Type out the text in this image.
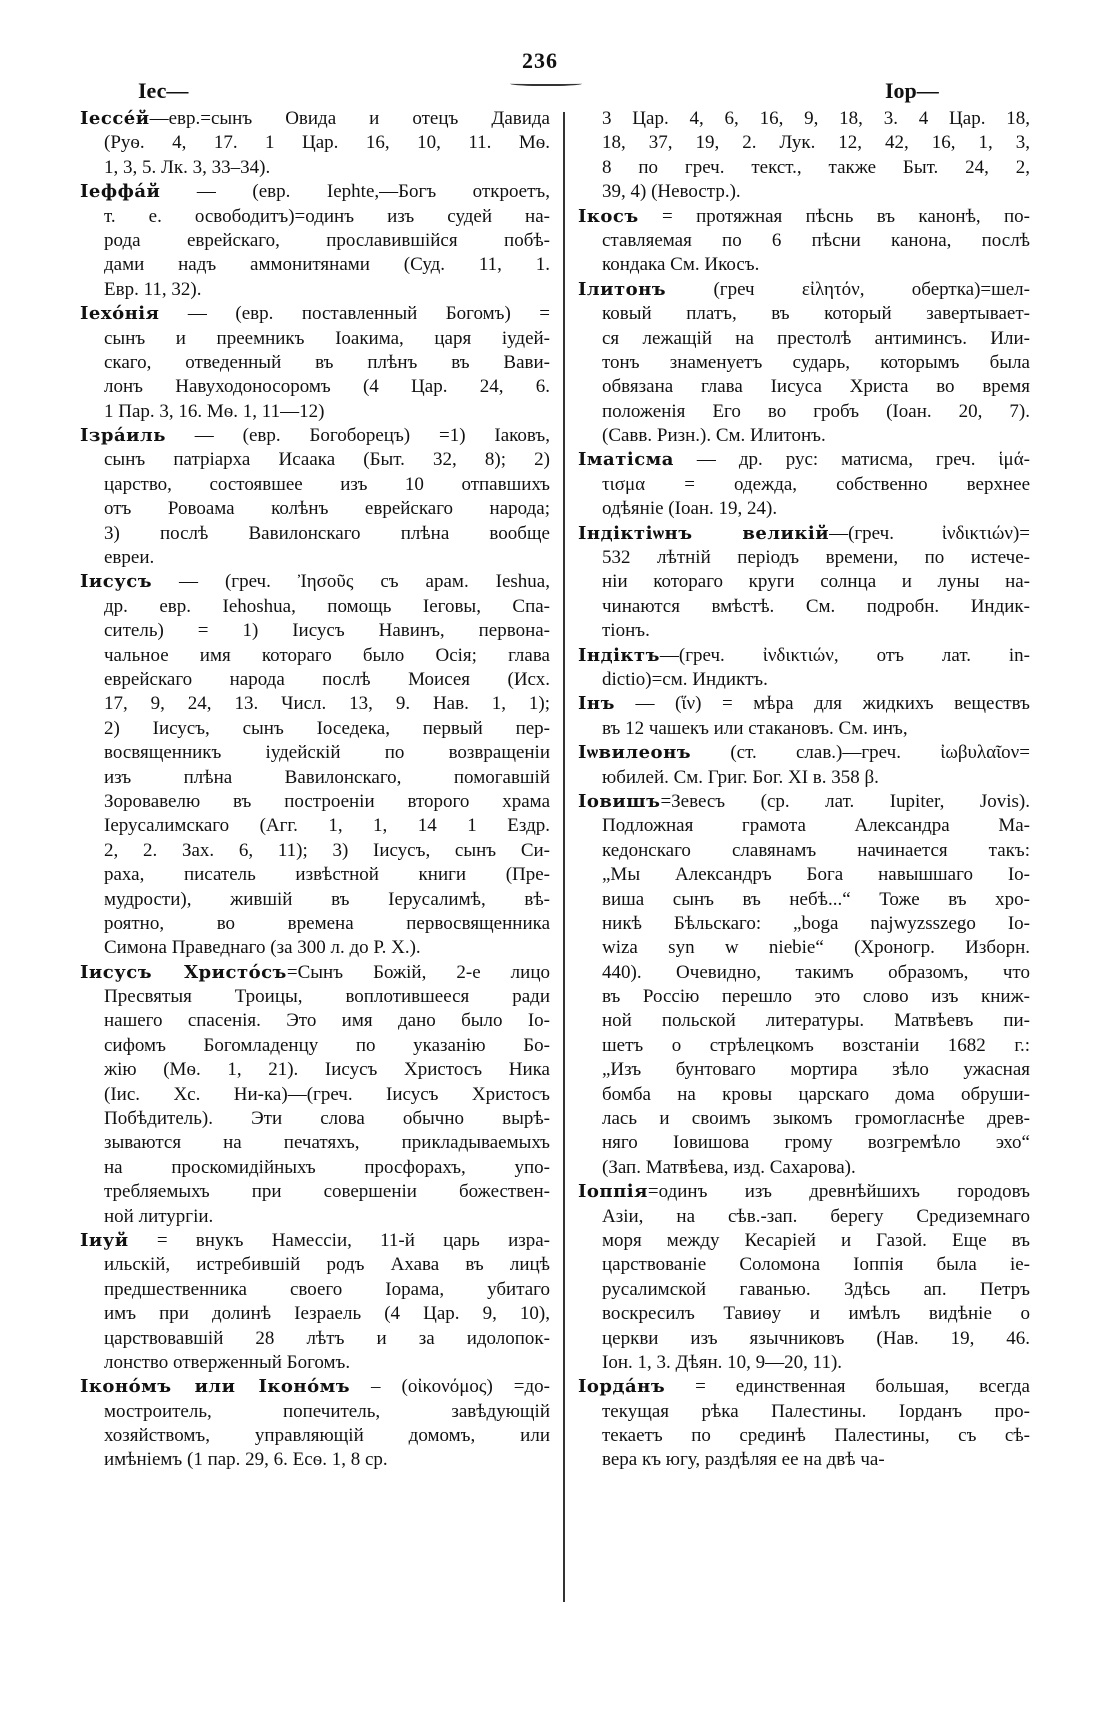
236
Іес—	Іор—
Іессе́й—евр.=сынъ Овида и отецъ Давида
(Руѳ. 4, 17. 1 Цар. 16, 10, 11. Мѳ.
1, 3, 5. Лк. 3, 33–34).
Іеффа́й — (евр. Iephte,—Богъ откроетъ,
т. е. освободитъ)=одинъ изъ судей на-
рода еврейскаго, прославившійся побѣ-
дами надъ аммонитянами (Суд. 11, 1.
Евр. 11, 32).
Іехо́нія — (евр. поставленный Богомъ) =
сынъ и преемникъ Іоакима, царя іудей-
скаго, отведенный въ плѣнъ въ Вави-
лонъ Навуходоносоромъ (4 Цар. 24, 6.
1 Пар. 3, 16. Мѳ. 1, 11—12)
Ізра́иль — (евр. Богоборецъ) =1) Іаковъ,
сынъ патріарха Исаака (Быт. 32, 8); 2)
царство, состоявшее изъ 10 отпавшихъ
отъ Ровоама колѣнъ еврейскаго народа;
3) послѣ Вавилонскаго плѣна вообще
евреи.
Іисусъ — (греч. Ἰησοῦς съ арам. Ieshua,
др. евр. Iehoshua, помощь Іеговы, Спа-
ситель) = 1) Іисусъ Навинъ, первона-
чальное имя котораго было Осія; глава
еврейскаго народа послѣ Моисея (Исх.
17, 9, 24, 13. Числ. 13, 9. Нав. 1, 1);
2) Іисусъ, сынъ Іоседека, первый пер-
восвященникъ іудейскій по возвращеніи
изъ плѣна Вавилонскаго, помогавшій
Зоровавелю въ построеніи второго храма
Іерусалимскаго (Агг. 1, 1, 14 1 Ездр.
2, 2. Зах. 6, 11); 3) Іисусъ, сынъ Си-
раха, писатель извѣстной книги (Пре-
мудрости), жившій въ Іерусалимѣ, вѣ-
роятно, во времена первосвященника
Симона Праведнаго (за 300 л. до Р. Х.).
Іисусъ Христо́съ=Сынъ Божій, 2-е лицо
Пресвятыя Троицы, воплотившееся ради
нашего спасенія. Это имя дано было Іо-
сифомъ Богомладенцу по указанію Бо-
жію (Мѳ. 1, 21). Іисусъ Христосъ Ника
(Іис. Хс. Ни-ка)—(греч. Іисусъ Христосъ
Побѣдитель). Эти слова обычно вырѣ-
зываются на печатяхъ, прикладываемыхъ
на проскомидійныхъ просфорахъ, упо-
требляемыхъ при совершеніи божествен-
ной литургіи.
Іиуй = внукъ Намессіи, 11-й царь изра-
ильскій, истребившій родъ Ахава въ лицѣ
предшественника своего Іорама, убитаго
имъ при долинѣ Іезраель (4 Цар. 9, 10),
царствовавшій 28 лѣтъ и за идолопок-
лонство отверженный Богомъ.
Іконо́мъ или Іконо́мъ – (οἰκονόμος) =до-
мостроитель, попечитель, завѣдующій
хозяйствомъ, управляющій домомъ, или
имѣніемъ (1 пар. 29, 6. Есѳ. 1, 8 ср.
3 Цар. 4, 6, 16, 9, 18, 3. 4 Цар. 18,
18, 37, 19, 2. Лук. 12, 42, 16, 1, 3,
8 по греч. текст., также Быт. 24, 2,
39, 4) (Невостр.).
Ікосъ = протяжная пѣснь въ канонѣ, по-
ставляемая по 6 пѣсни канона, послѣ
кондака См. Икосъ.
Ілитонъ (греч εἰλητόν, обертка)=шел-
ковый платъ, въ который завертывает-
ся лежащій на престолѣ антиминсъ. Или-
тонъ знаменуетъ сударь, которымъ была
обвязана глава Іисуса Христа во время
положенія Его во гробъ (Іоан. 20, 7).
(Савв. Ризн.). См. Илитонъ.
Іматісма — др. рус: матисма, греч. ἱμά-
τισμα = одежда, собственно верхнее
одѣяніе (Іоан. 19, 24).
Індіктіѡнъ великій—(греч. ἰνδικτιών)=
532 лѣтній періодъ времени, по истече-
ніи котораго круги солнца и луны на-
чинаются вмѣстѣ. См. подробн. Индик-
тіонъ.
Індіктъ—(греч. ἰνδικτιών, отъ лат. in-
dictio)=см. Индиктъ.
Інъ — (ἵν) = мѣра для жидкихъ веществъ
въ 12 чашекъ или стакановъ. См. инъ,
Іѡвилеонъ (ст. слав.)—греч. ἰωβυλαῖον=
юбилей. См. Григ. Бог. XI в. 358 β.
Іовишъ=Зевесъ (ср. лат. Iupiter, Jovis).
Подложная грамота Александра Ма-
кедонскаго славянамъ начинается такъ:
„Мы Александръ Бога навышшаго Іо-
виша сынъ въ небѣ...“ Тоже въ хро-
никѣ Бѣльскаго: „boga najwyzsszego Io-
wiza syn w niebie“ (Хроногр. Изборн.
440). Очевидно, такимъ образомъ, что
въ Россію перешло это слово изъ книж-
ной польской литературы. Матвѣевъ пи-
шетъ о стрѣлецкомъ возстаніи 1682 г.:
„Изъ бунтоваго мортира зѣло ужасная
бомба на кровы царскаго дома обруши-
лась и своимъ зыкомъ громогласнѣе древ-
няго Іовишова грому возгремѣло эхо“
(Зап. Матвѣева, изд. Сахарова).
Іоппія=одинъ изъ древнѣйшихъ городовъ
Азіи, на сѣв.-зап. берегу Средиземнаго
моря между Кесаріей и Газой. Еще въ
царствованіе Соломона Іоппія была іе-
русалимской гаванью. Здѣсь ап. Петръ
воскресилъ Тавиѳу и имѣлъ видѣніе о
церкви изъ язычниковъ (Нав. 19, 46.
Іон. 1, 3. Дѣян. 10, 9—20, 11).
Іорда́нъ = единственная большая, всегда
текущая рѣка Палестины. Іорданъ про-
текаетъ по срединѣ Палестины, съ сѣ-
вера къ югу, раздѣляя ее на двѣ ча-
